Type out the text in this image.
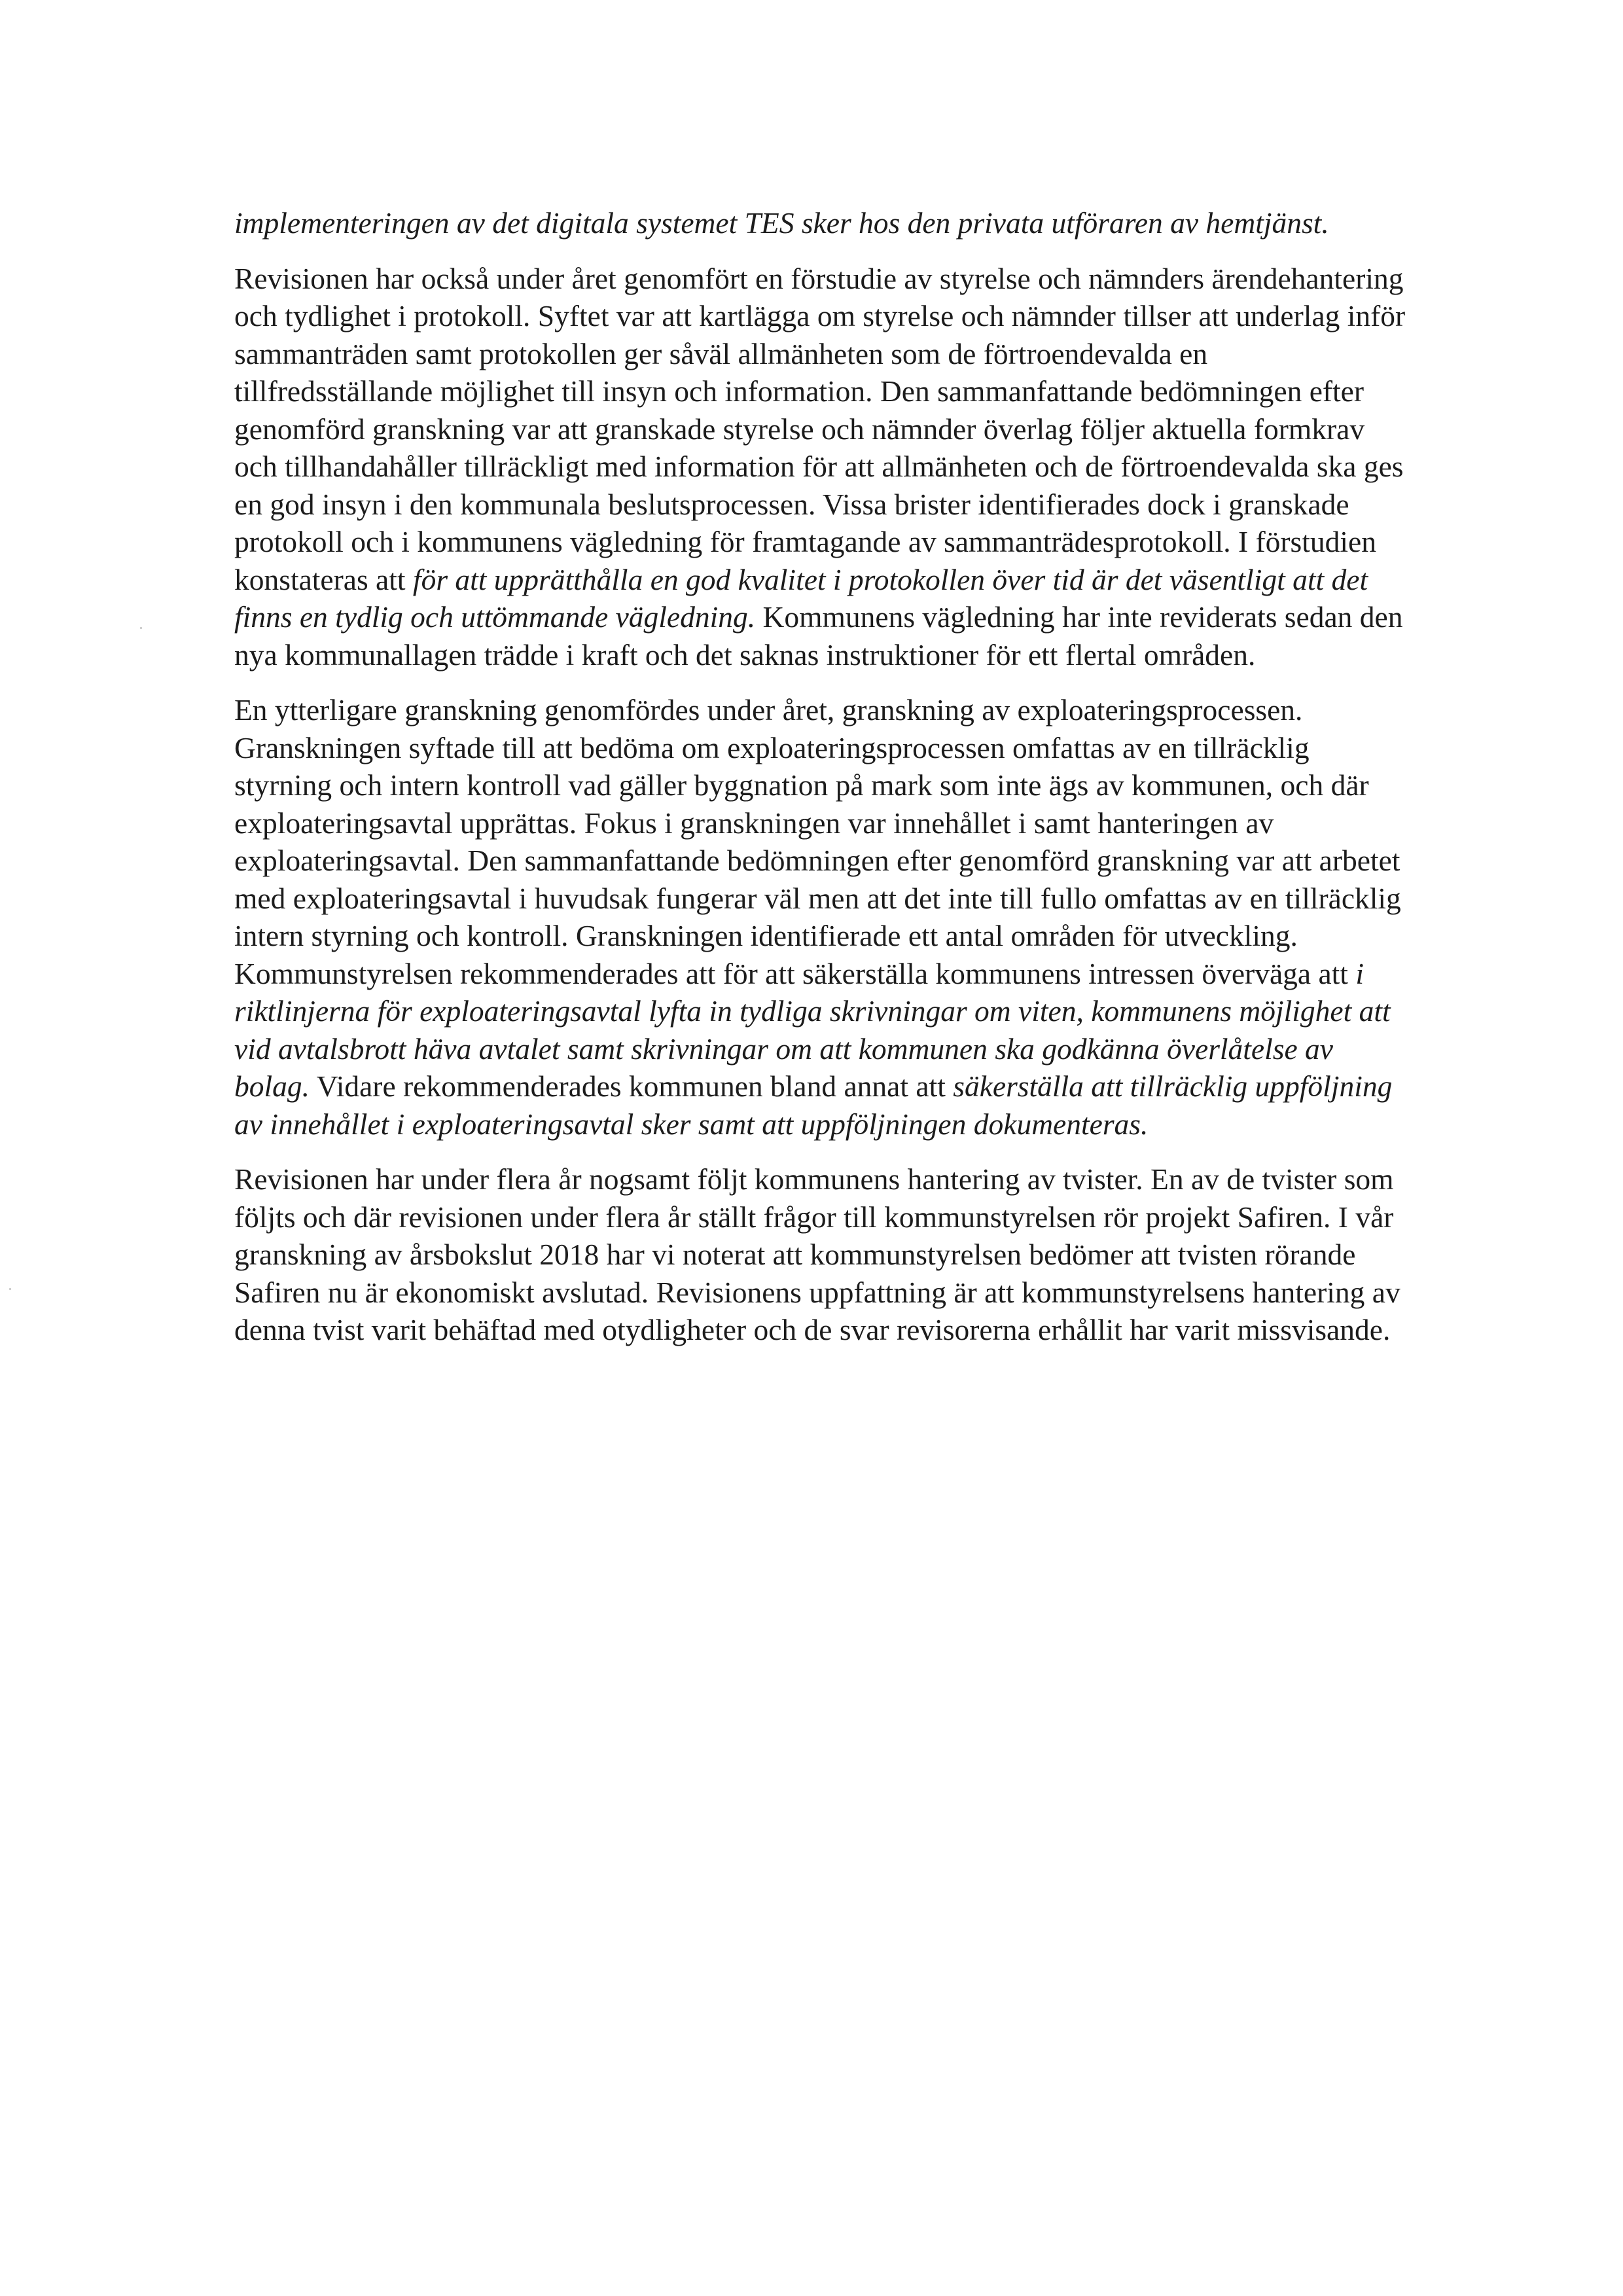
implementeringen av det digitala systemet TES sker hos den privata utföraren av hemtjänst.

Revisionen har också under året genomfört en förstudie av styrelse och nämnders ärendehantering och tydlighet i protokoll. Syftet var att kartlägga om styrelse och nämnder tillser att underlag inför sammanträden samt protokollen ger såväl allmänheten som de förtroendevalda en tillfredsställande möjlighet till insyn och information. Den sammanfattande bedömningen efter genomförd granskning var att granskade styrelse och nämnder överlag följer aktuella formkrav och tillhandahåller tillräckligt med information för att allmänheten och de förtroendevalda ska ges en god insyn i den kommunala beslutsprocessen. Vissa brister identifierades dock i granskade protokoll och i kommunens vägledning för framtagande av sammanträdesprotokoll. I förstudien konstateras att för att upprätthålla en god kvalitet i protokollen över tid är det väsentligt att det finns en tydlig och uttömmande vägledning. Kommunens vägledning har inte reviderats sedan den nya kommunallagen trädde i kraft och det saknas instruktioner för ett flertal områden.

En ytterligare granskning genomfördes under året, granskning av exploateringsprocessen. Granskningen syftade till att bedöma om exploateringsprocessen omfattas av en tillräcklig styrning och intern kontroll vad gäller byggnation på mark som inte ägs av kommunen, och där exploateringsavtal upprättas. Fokus i granskningen var innehållet i samt hanteringen av exploateringsavtal. Den sammanfattande bedömningen efter genomförd granskning var att arbetet med exploateringsavtal i huvudsak fungerar väl men att det inte till fullo omfattas av en tillräcklig intern styrning och kontroll. Granskningen identifierade ett antal områden för utveckling. Kommunstyrelsen rekommenderades att för att säkerställa kommunens intressen överväga att i riktlinjerna för exploateringsavtal lyfta in tydliga skrivningar om viten, kommunens möjlighet att vid avtalsbrott häva avtalet samt skrivningar om att kommunen ska godkänna överlåtelse av bolag. Vidare rekommenderades kommunen bland annat att säkerställa att tillräcklig uppföljning av innehållet i exploateringsavtal sker samt att uppföljningen dokumenteras.

Revisionen har under flera år nogsamt följt kommunens hantering av tvister. En av de tvister som följts och där revisionen under flera år ställt frågor till kommunstyrelsen rör projekt Safiren. I vår granskning av årsbokslut 2018 har vi noterat att kommunstyrelsen bedömer att tvisten rörande Safiren nu är ekonomiskt avslutad. Revisionens uppfattning är att kommunstyrelsens hantering av denna tvist varit behäftad med otydligheter och de svar revisorerna erhållit har varit missvisande.
